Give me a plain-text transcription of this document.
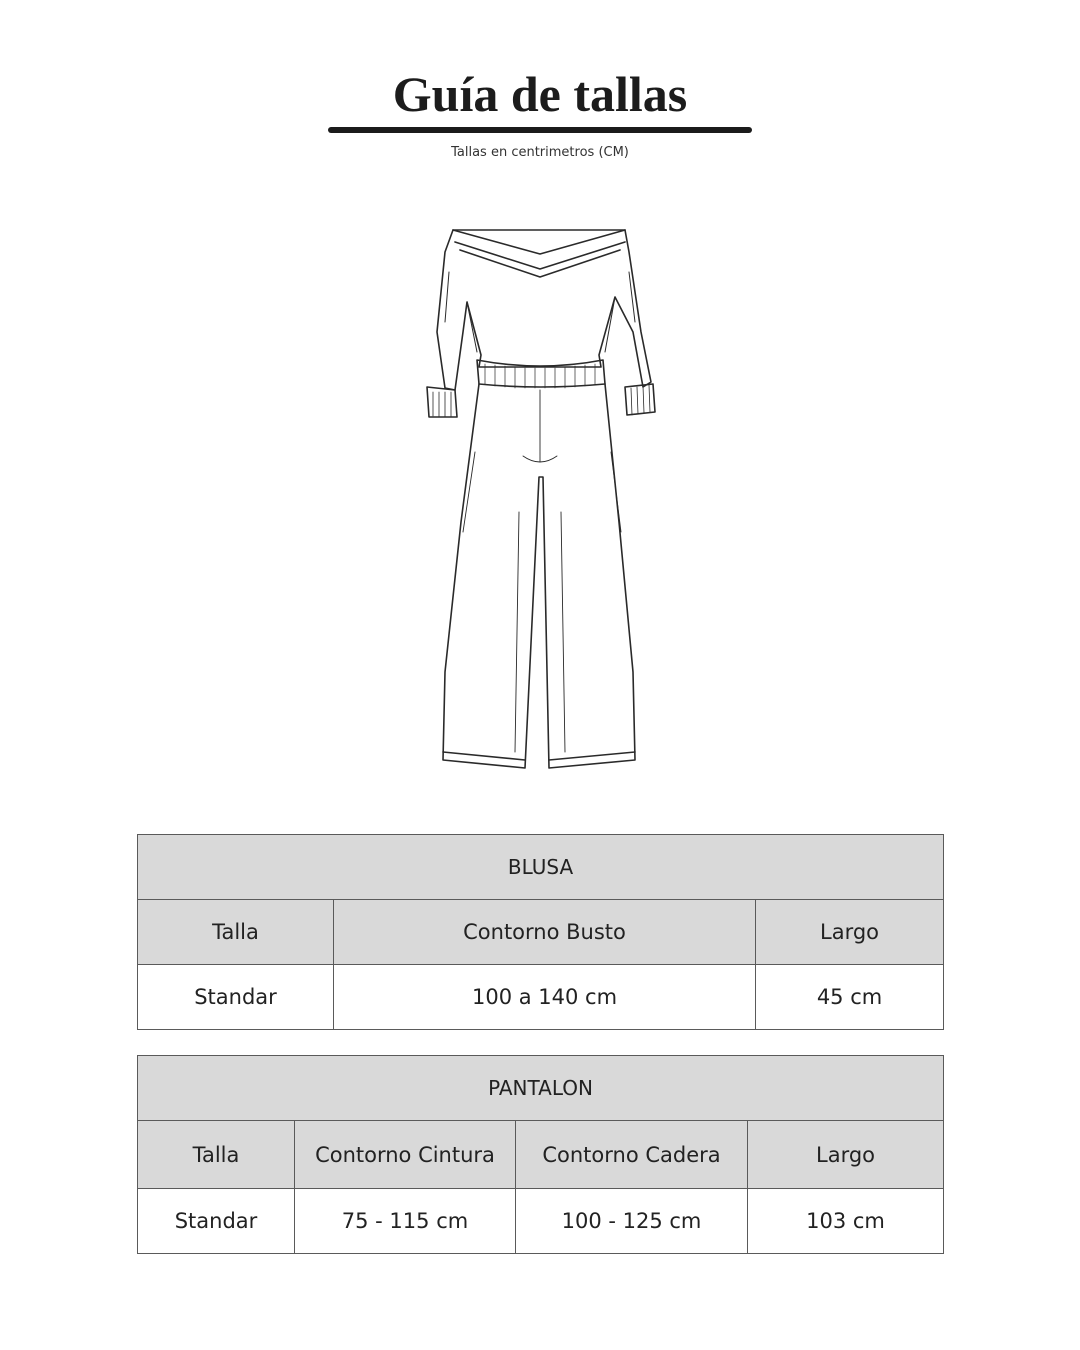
Guía de tallas
Tallas en centrimetros (CM)
BLUSA		
Talla	Contorno Busto	Largo
Standar	100 a 140 cm	45 cm
PANTALON			
Talla	Contorno Cintura	Contorno Cadera	Largo
Standar	75 - 115 cm	100 - 125 cm	103 cm
